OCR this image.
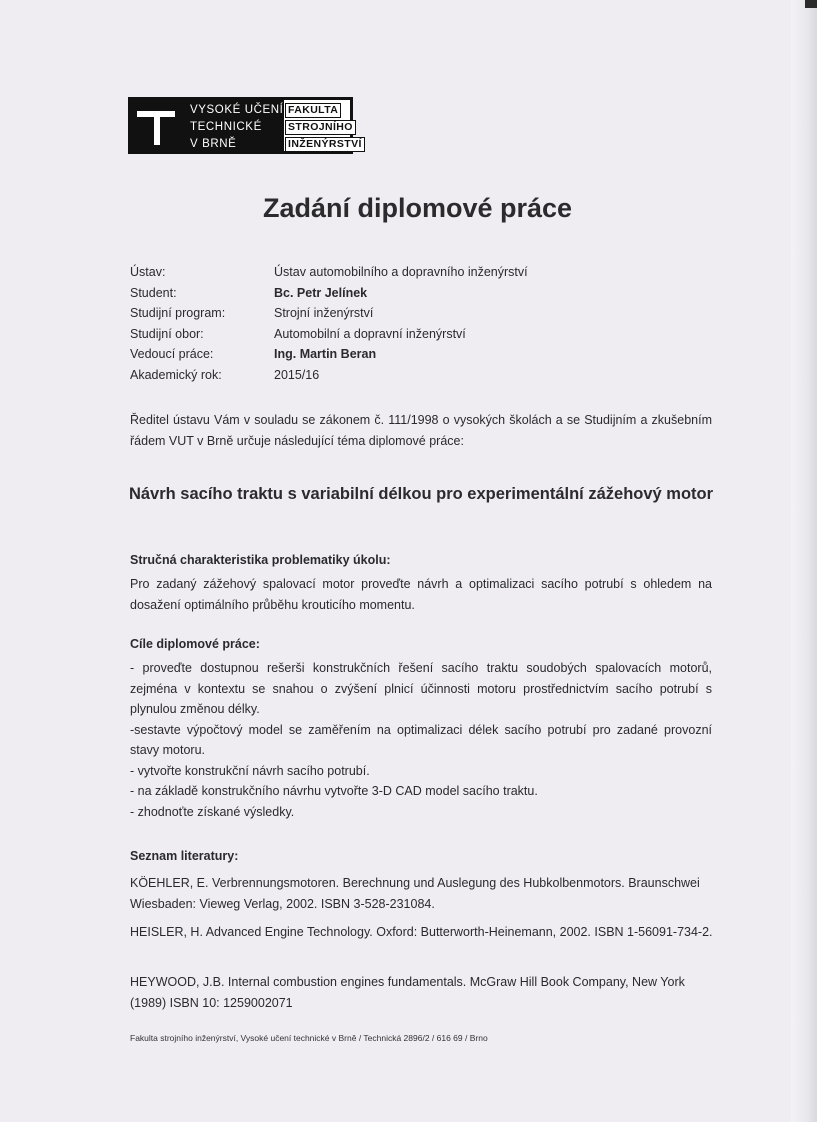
VYSOKÉ UČENÍ
TECHNICKÉ
V BRNĚ
FAKULTA
STROJNÍHO
INŽENÝRSTVÍ
Zadání diplomové práce
Ústav:	Ústav automobilního a dopravního inženýrství
Student:	Bc. Petr Jelínek
Studijní program:	Strojní inženýrství
Studijní obor:	Automobilní a dopravní inženýrství
Vedoucí práce:	Ing. Martin Beran
Akademický rok:	2015/16

Ředitel ústavu Vám v souladu se zákonem č. 111/1998 o vysokých školách a se Studijním a zkušebním řádem VUT v Brně určuje následující téma diplomové práce:

Návrh sacího traktu s variabilní délkou pro experimentální zážehový motor
Stručná charakteristika problematiky úkolu:

Pro zadaný zážehový spalovací motor proveďte návrh a optimalizaci sacího potrubí s ohledem na dosažení optimálního průběhu krouticího momentu.

Cíle diplomové práce:

- proveďte dostupnou rešerši konstrukčních řešení sacího traktu soudobých spalovacích motorů, zejména v kontextu se snahou o zvýšení plnicí účinnosti motoru prostřednictvím sacího potrubí s plynulou změnou délky.

-sestavte výpočtový model se zaměřením na optimalizaci délek sacího potrubí pro zadané provozní stavy motoru.

- vytvořte konstrukční návrh sacího potrubí.

- na základě konstrukčního návrhu vytvořte 3-D CAD model sacího traktu.

- zhodnoťte získané výsledky.

Seznam literatury:

KÖEHLER, E. Verbrennungsmotoren. Berechnung und Auslegung des Hubkolbenmotors. Braunschwei Wiesbaden: Vieweg Verlag, 2002. ISBN 3-528-231084.

HEISLER, H. Advanced Engine Technology. Oxford: Butterworth-Heinemann, 2002. ISBN 1-56091-734-2.

HEYWOOD, J.B. Internal combustion engines fundamentals. McGraw Hill Book Company, New York (1989) ISBN 10: 1259002071

Fakulta strojního inženýrství, Vysoké učení technické v Brně / Technická 2896/2 / 616 69 / Brno
